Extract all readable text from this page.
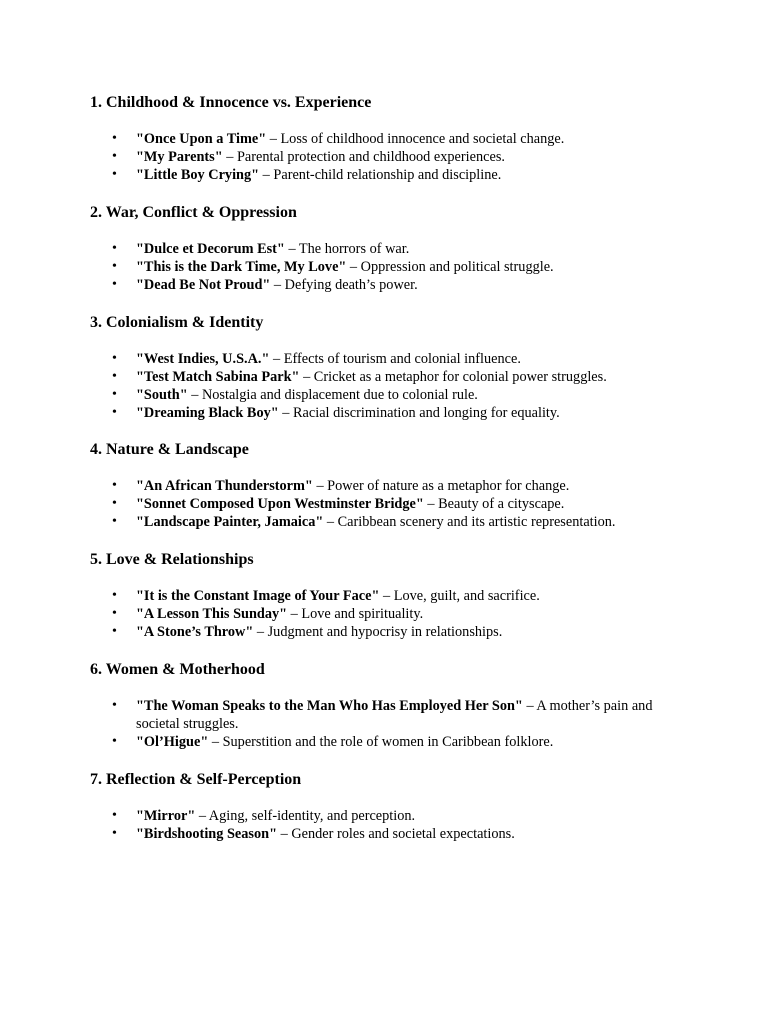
1. Childhood & Innocence vs. Experience
• "Once Upon a Time" – Loss of childhood innocence and societal change.
• "My Parents" – Parental protection and childhood experiences.
• "Little Boy Crying" – Parent-child relationship and discipline.
2. War, Conflict & Oppression
• "Dulce et Decorum Est" – The horrors of war.
• "This is the Dark Time, My Love" – Oppression and political struggle.
• "Dead Be Not Proud" – Defying death’s power.
3. Colonialism & Identity
• "West Indies, U.S.A." – Effects of tourism and colonial influence.
• "Test Match Sabina Park" – Cricket as a metaphor for colonial power struggles.
• "South" – Nostalgia and displacement due to colonial rule.
• "Dreaming Black Boy" – Racial discrimination and longing for equality.
4. Nature & Landscape
• "An African Thunderstorm" – Power of nature as a metaphor for change.
• "Sonnet Composed Upon Westminster Bridge" – Beauty of a cityscape.
• "Landscape Painter, Jamaica" – Caribbean scenery and its artistic representation.
5. Love & Relationships
• "It is the Constant Image of Your Face" – Love, guilt, and sacrifice.
• "A Lesson This Sunday" – Love and spirituality.
• "A Stone’s Throw" – Judgment and hypocrisy in relationships.
6. Women & Motherhood
• "The Woman Speaks to the Man Who Has Employed Her Son" – A mother’s pain and societal struggles.
• "Ol’Higue" – Superstition and the role of women in Caribbean folklore.
7. Reflection & Self-Perception
• "Mirror" – Aging, self-identity, and perception.
• "Birdshooting Season" – Gender roles and societal expectations.
